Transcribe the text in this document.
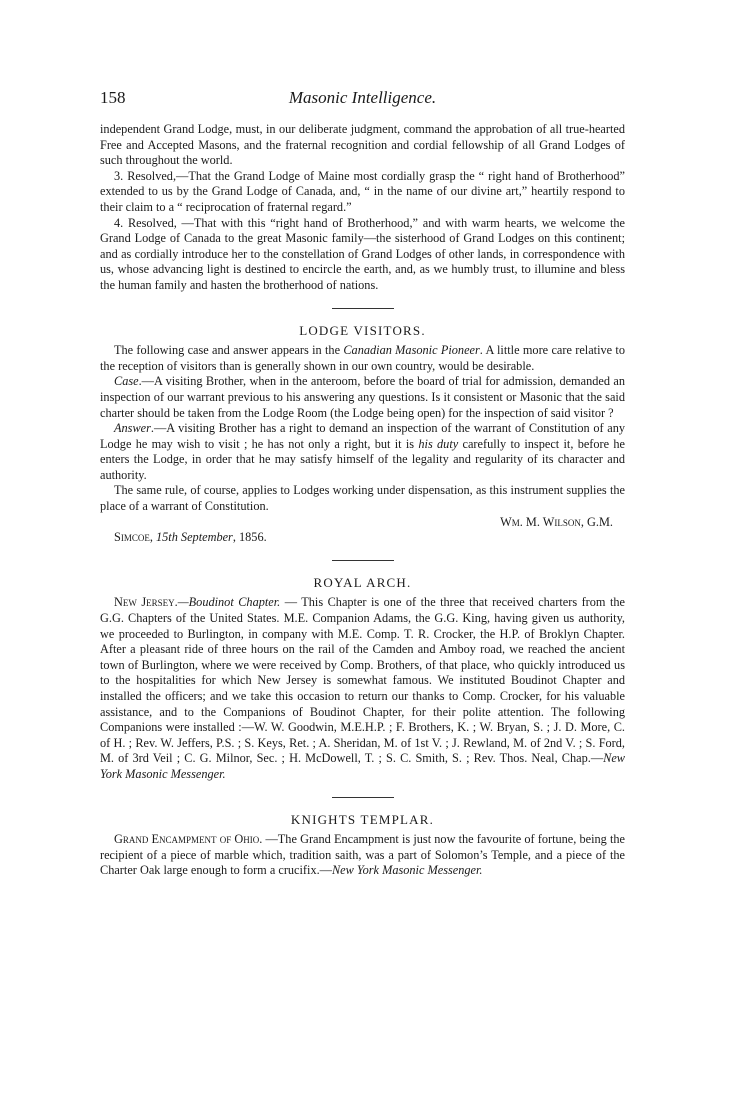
158	Masonic Intelligence.

independent Grand Lodge, must, in our deliberate judgment, command the approbation of all true-hearted Free and Accepted Masons, and the fraternal recognition and cordial fellowship of all Grand Lodges of such throughout the world.

3. Resolved,—That the Grand Lodge of Maine most cordially grasp the “ right hand of Brotherhood” extended to us by the Grand Lodge of Canada, and, “ in the name of our divine art,” heartily respond to their claim to a “ reciprocation of fraternal regard.”

4. Resolved, —That with this “right hand of Brotherhood,” and with warm hearts, we welcome the Grand Lodge of Canada to the great Masonic family—the sisterhood of Grand Lodges on this continent; and as cordially introduce her to the constellation of Grand Lodges of other lands, in correspondence with us, whose advancing light is destined to encircle the earth, and, as we humbly trust, to illumine and bless the human family and hasten the brotherhood of nations.

LODGE VISITORS.

The following case and answer appears in the Canadian Masonic Pioneer. A little more care relative to the reception of visitors than is generally shown in our own country, would be desirable.

Case.—A visiting Brother, when in the anteroom, before the board of trial for admission, demanded an inspection of our warrant previous to his answering any questions. Is it consistent or Masonic that the said charter should be taken from the Lodge Room (the Lodge being open) for the inspection of said visitor ?

Answer.—A visiting Brother has a right to demand an inspection of the warrant of Constitution of any Lodge he may wish to visit ; he has not only a right, but it is his duty carefully to inspect it, before he enters the Lodge, in order that he may satisfy himself of the legality and regularity of its character and authority.

The same rule, of course, applies to Lodges working under dispensation, as this instrument supplies the place of a warrant of Constitution.

Wm. M. Wilson, G.M.

Simcoe, 15th September, 1856.

ROYAL ARCH.

New Jersey.—Boudinot Chapter. — This Chapter is one of the three that received charters from the G.G. Chapters of the United States. M.E. Companion Adams, the G.G. King, having given us authority, we proceeded to Burlington, in company with M.E. Comp. T. R. Crocker, the H.P. of Broklyn Chapter. After a pleasant ride of three hours on the rail of the Camden and Amboy road, we reached the ancient town of Burlington, where we were received by Comp. Brothers, of that place, who quickly introduced us to the hospitalities for which New Jersey is somewhat famous. We instituted Boudinot Chapter and installed the officers; and we take this occasion to return our thanks to Comp. Crocker, for his valuable assistance, and to the Companions of Boudinot Chapter, for their polite attention. The following Companions were installed :—W. W. Goodwin, M.E.H.P. ; F. Brothers, K. ; W. Bryan, S. ; J. D. More, C. of H. ; Rev. W. Jeffers, P.S. ; S. Keys, Ret. ; A. Sheridan, M. of 1st V. ; J. Rewland, M. of 2nd V. ; S. Ford, M. of 3rd Veil ; C. G. Milnor, Sec. ; H. McDowell, T. ; S. C. Smith, S. ; Rev. Thos. Neal, Chap.—New York Masonic Messenger.

KNIGHTS TEMPLAR.

Grand Encampment of Ohio. —The Grand Encampment is just now the favourite of fortune, being the recipient of a piece of marble which, tradition saith, was a part of Solomon’s Temple, and a piece of the Charter Oak large enough to form a crucifix.—New York Masonic Messenger.
